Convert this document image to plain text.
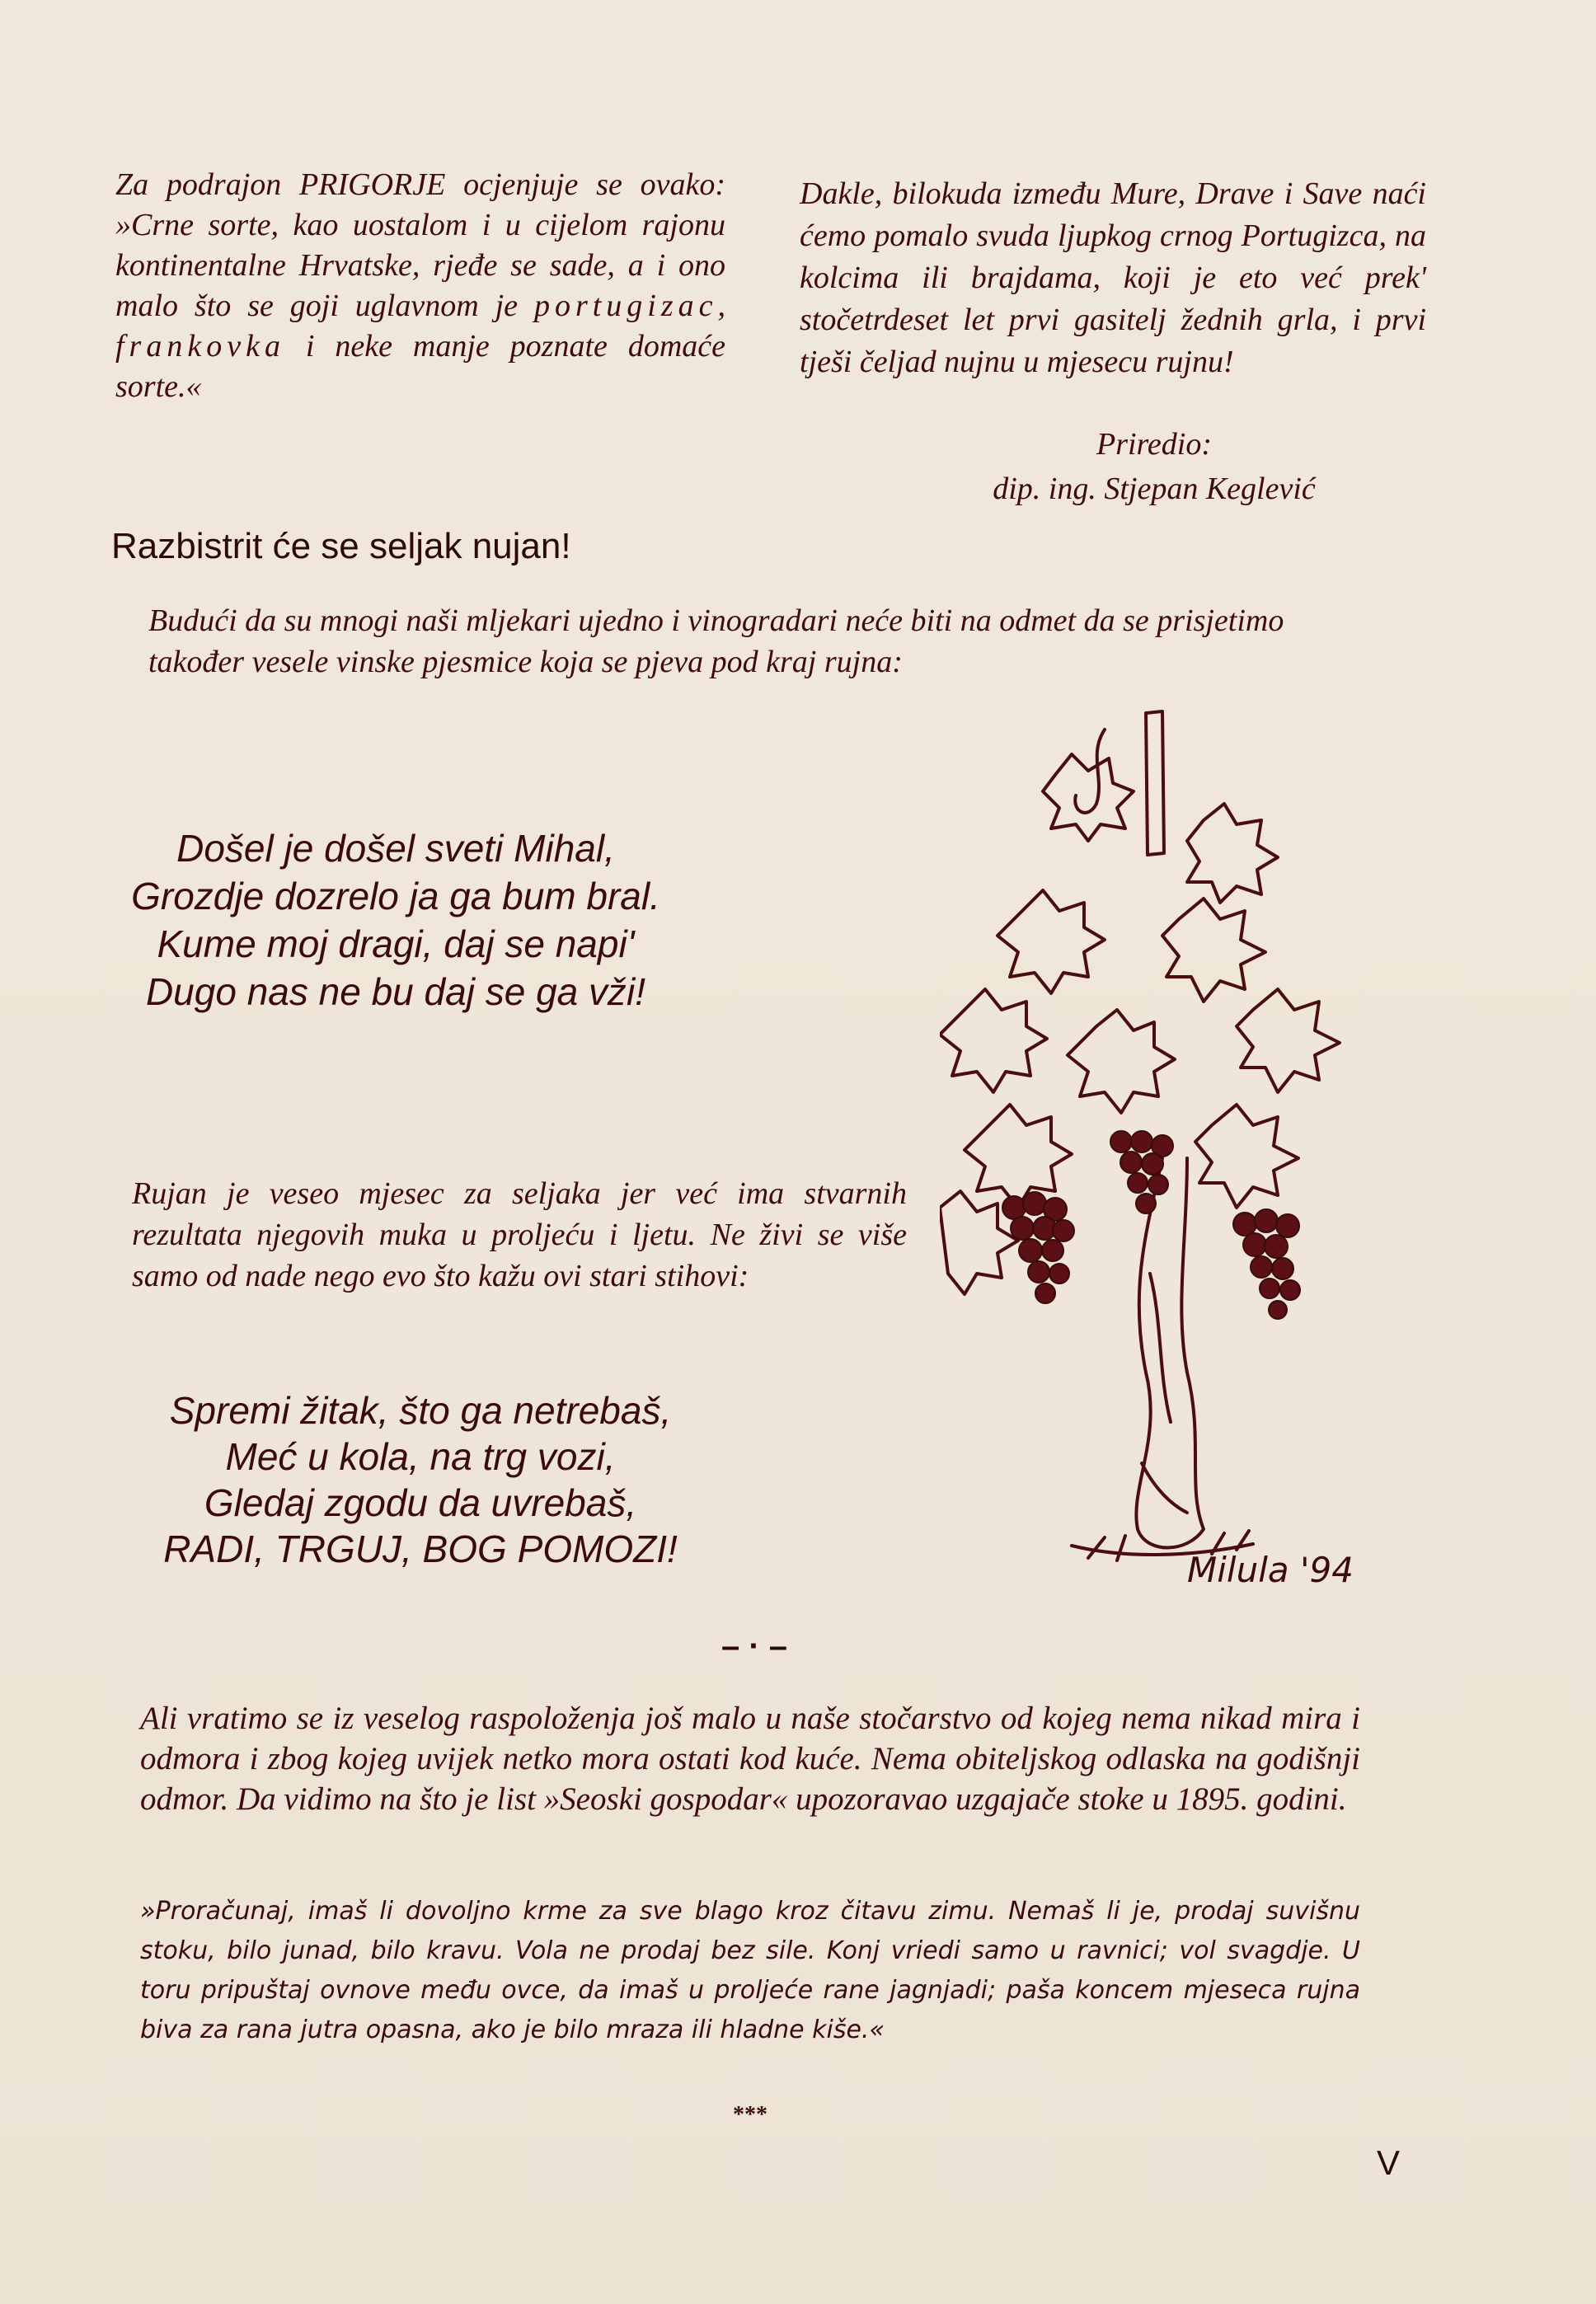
Za podrajon PRIGORJE ocjenjuje se ovako: »Crne sorte, kao uostalom i u cijelom rajonu kontinentalne Hrvatske, rjeđe se sade, a i ono malo što se goji uglavnom je portugizac, frankovka i neke manje poznate domaće sorte.«
Dakle, bilokuda između Mure, Drave i Save naći ćemo pomalo svuda ljupkog crnog Portugizca, na kolcima ili brajdama, koji je eto već prek' stočetrdeset let prvi gasitelj žednih grla, i prvi tješi čeljad nujnu u mjesecu rujnu!
Priredio:
dip. ing. Stjepan Keglević
Razbistrit će se seljak nujan!
Budući da su mnogi naši mljekari ujedno i vinogradari neće biti na odmet da se prisjetimo također vesele vinske pjesmice koja se pjeva pod kraj rujna:
Došel je došel sveti Mihal,
Grozdje dozrelo ja ga bum bral.
Kume moj dragi, daj se napi'
Dugo nas ne bu daj se ga vži!
Rujan je veseo mjesec za seljaka jer već ima stvarnih rezultata njegovih muka u proljeću i ljetu. Ne živi se više samo od nade nego evo što kažu ovi stari stihovi:
Spremi žitak, što ga netrebaš,
Meć u kola, na trg vozi,
Gledaj zgodu da uvrebaš,
RADI, TRGUJ, BOG POMOZI!	Milula '94
– · –
Ali vratimo se iz veselog raspoloženja još malo u naše stočarstvo od kojeg nema nikad mira i odmora i zbog kojeg uvijek netko mora ostati kod kuće. Nema obiteljskog odlaska na godišnji odmor. Da vidimo na što je list »Seoski gospodar« upozoravao uzgajače stoke u 1895. godini.
»Proračunaj, imaš li dovoljno krme za sve blago kroz čitavu zimu. Nemaš li je, prodaj suvišnu stoku, bilo junad, bilo kravu. Vola ne prodaj bez sile. Konj vriedi samo u ravnici; vol svagdje. U toru pripuštaj ovnove među ovce, da imaš u proljeće rane jagnjadi; paša koncem mjeseca rujna biva za rana jutra opasna, ako je bilo mraza ili hladne kiše.«
***
V
